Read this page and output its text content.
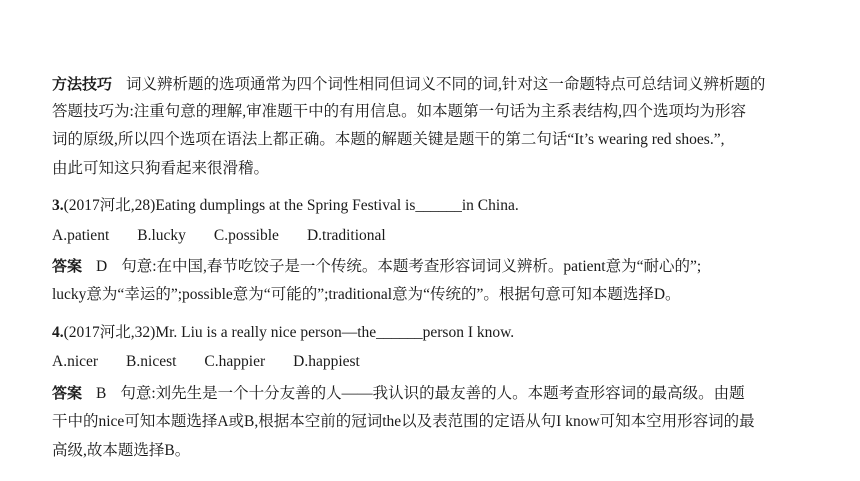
方法技巧 词义辨析题的选项通常为四个词性相同但词义不同的词,针对这一命题特点可总结词义辨析题的
答题技巧为:注重句意的理解,审准题干中的有用信息。如本题第一句话为主系表结构,四个选项均为形容
词的原级,所以四个选项在语法上都正确。本题的解题关键是题干的第二句话“It’s wearing red shoes.”,
由此可知这只狗看起来很滑稽。
3.(2017河北,28)Eating dumplings at the Spring Festival is______in China.
A.patient B.lucky C.possible D.traditional
答案 D 句意:在中国,春节吃饺子是一个传统。本题考查形容词词义辨析。patient意为“耐心的”;
lucky意为“幸运的”;possible意为“可能的”;traditional意为“传统的”。根据句意可知本题选择D。
4.(2017河北,32)Mr. Liu is a really nice person—the______person I know.
A.nicer B.nicest C.happier D.happiest
答案 B 句意:刘先生是一个十分友善的人——我认识的最友善的人。本题考查形容词的最高级。由题
干中的nice可知本题选择A或B,根据本空前的冠词the以及表范围的定语从句I know可知本空用形容词的最
高级,故本题选择B。
